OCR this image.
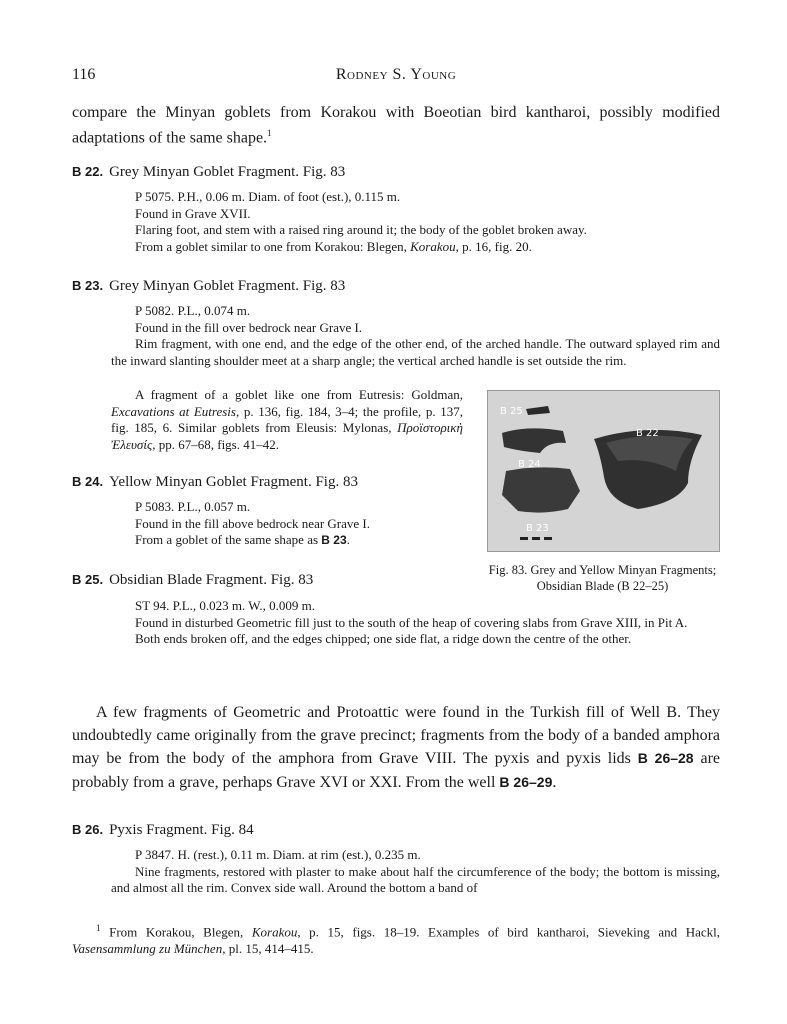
116	Rodney S. Young
compare the Minyan goblets from Korakou with Boeotian bird kantharoi, possibly modified adaptations of the same shape.$^1$
B 22. Grey Minyan Goblet Fragment. Fig. 83

P 5075. P.H., 0.06 m. Diam. of foot (est.), 0.115 m.

Found in Grave XVII.

Flaring foot, and stem with a raised ring around it; the body of the goblet broken away.

From a goblet similar to one from Korakou: Blegen, Korakou, p. 16, fig. 20.

B 23. Grey Minyan Goblet Fragment. Fig. 83

P 5082. P.L., 0.074 m.

Found in the fill over bedrock near Grave I.

Rim fragment, with one end, and the edge of the other end, of the arched handle. The outward splayed rim and the inward slanting shoulder meet at a sharp angle; the vertical arched handle is set outside the rim.

A fragment of a goblet like one from Eutresis: Goldman, Excavations at Eutresis, p. 136, fig. 184, 3–4; the profile, p. 137, fig. 185, 6. Similar goblets from Eleusis: Mylonas, Προϊστορικὴ Ἐλευσίς, pp. 67–68, figs. 41–42.

B 24. Yellow Minyan Goblet Fragment. Fig. 83

P 5083. P.L., 0.057 m.

Found in the fill above bedrock near Grave I.

From a goblet of the same shape as B 23.

B 25
B 22
B 24
B 23
Fig. 83. Grey and Yellow Minyan Fragments; Obsidian Blade (B 22–25)
B 25. Obsidian Blade Fragment. Fig. 83

ST 94. P.L., 0.023 m. W., 0.009 m.

Found in disturbed Geometric fill just to the south of the heap of covering slabs from Grave XIII, in Pit A.

Both ends broken off, and the edges chipped; one side flat, a ridge down the centre of the other.

A few fragments of Geometric and Protoattic were found in the Turkish fill of Well B. They undoubtedly came originally from the grave precinct; fragments from the body of a banded amphora may be from the body of the amphora from Grave VIII. The pyxis and pyxis lids B 26–28 are probably from a grave, perhaps Grave XVI or XXI. From the well B 26–29.
B 26. Pyxis Fragment. Fig. 84

P 3847. H. (rest.), 0.11 m. Diam. at rim (est.), 0.235 m.

Nine fragments, restored with plaster to make about half the circumference of the body; the bottom is missing, and almost all the rim. Convex side wall. Around the bottom a band of

$^1$ From Korakou, Blegen, Korakou, p. 15, figs. 18–19. Examples of bird kantharoi, Sieveking and Hackl, Vasensammlung zu München, pl. 15, 414–415.
